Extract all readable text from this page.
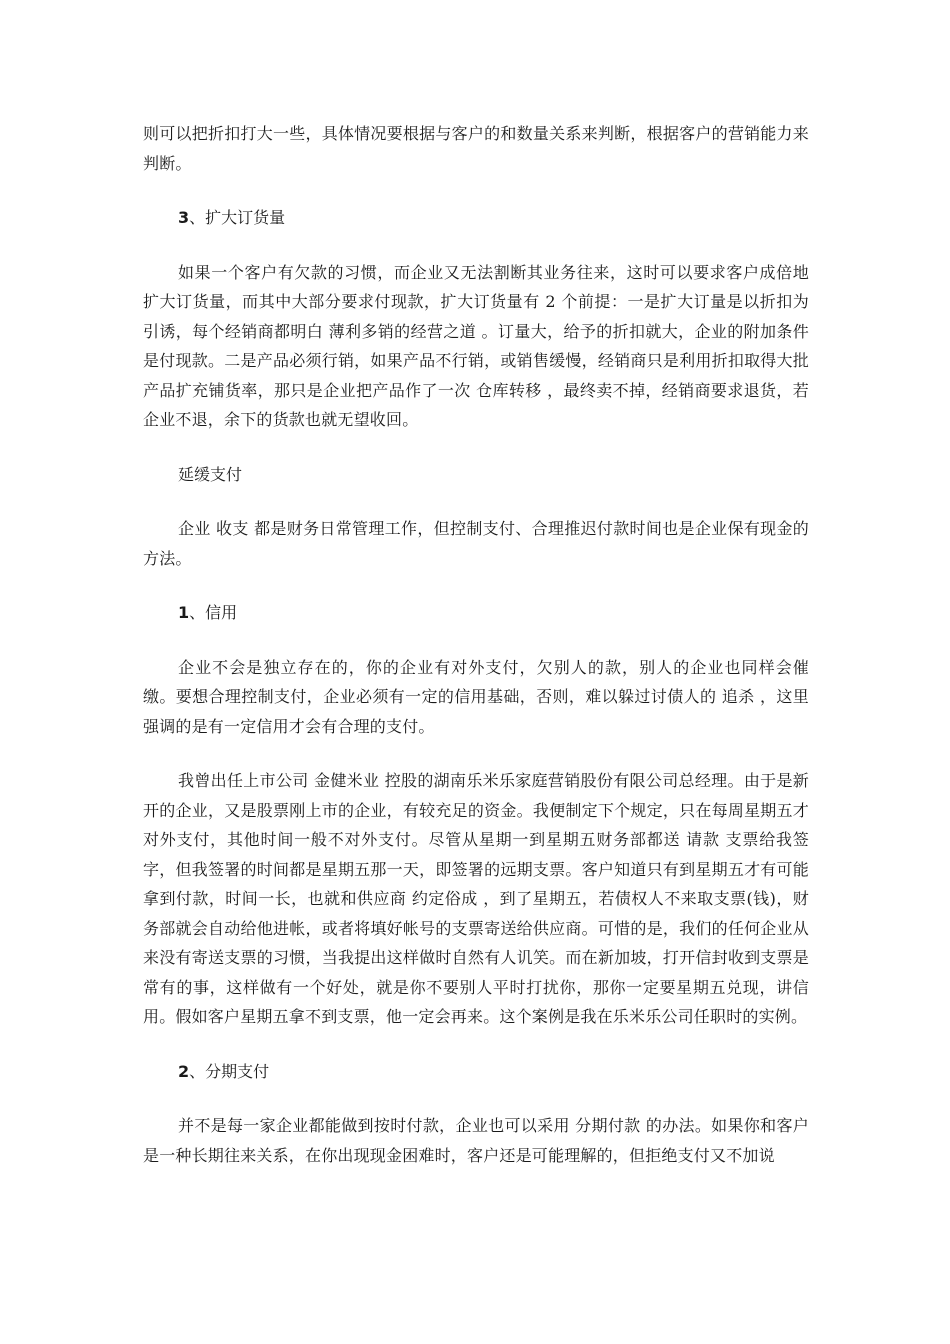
则可以把折扣打大一些，具体情况要根据与客户的和数量关系来判断，根据客户的营销能力来判断。

3、扩大订货量

如果一个客户有欠款的习惯，而企业又无法割断其业务往来，这时可以要求客户成倍地扩大订货量，而其中大部分要求付现款，扩大订货量有 2 个前提：一是扩大订量是以折扣为引诱，每个经销商都明白 薄利多销的经营之道 。订量大，给予的折扣就大，企业的附加条件是付现款。二是产品必须行销，如果产品不行销，或销售缓慢，经销商只是利用折扣取得大批产品扩充铺货率，那只是企业把产品作了一次 仓库转移 ，最终卖不掉，经销商要求退货，若企业不退，余下的货款也就无望收回。

延缓支付

企业 收支 都是财务日常管理工作，但控制支付、合理推迟付款时间也是企业保有现金的方法。

1、信用

企业不会是独立存在的，你的企业有对外支付，欠别人的款，别人的企业也同样会催缴。要想合理控制支付，企业必须有一定的信用基础，否则，难以躲过讨债人的 追杀 ，这里强调的是有一定信用才会有合理的支付。

我曾出任上市公司 金健米业 控股的湖南乐米乐家庭营销股份有限公司总经理。由于是新开的企业，又是股票刚上市的企业，有较充足的资金。我便制定下个规定，只在每周星期五才对外支付，其他时间一般不对外支付。尽管从星期一到星期五财务部都送 请款 支票给我签字，但我签署的时间都是星期五那一天，即签署的远期支票。客户知道只有到星期五才有可能拿到付款，时间一长，也就和供应商 约定俗成 ，到了星期五，若债权人不来取支票(钱)，财务部就会自动给他进帐，或者将填好帐号的支票寄送给供应商。可惜的是，我们的任何企业从来没有寄送支票的习惯，当我提出这样做时自然有人讥笑。而在新加坡，打开信封收到支票是常有的事，这样做有一个好处，就是你不要别人平时打扰你，那你一定要星期五兑现，讲信用。假如客户星期五拿不到支票，他一定会再来。这个案例是我在乐米乐公司任职时的实例。

2、分期支付

并不是每一家企业都能做到按时付款，企业也可以采用 分期付款 的办法。如果你和客户是一种长期往来关系，在你出现现金困难时，客户还是可能理解的，但拒绝支付又不加说
